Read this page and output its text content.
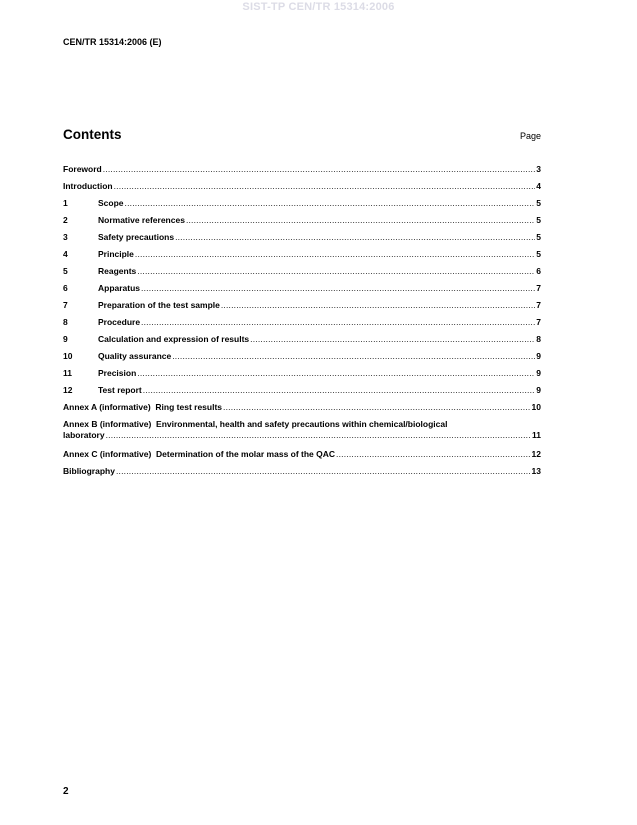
SIST-TP CEN/TR 15314:2006
CEN/TR 15314:2006 (E)
Contents	Page
Foreword .....	3
Introduction .....	4
1	Scope .....	5
2	Normative references .....	5
3	Safety precautions .....	5
4	Principle .....	5
5	Reagents .....	6
6	Apparatus .....	7
7	Preparation of the test sample .....	7
8	Procedure .....	7
9	Calculation and expression of results .....	8
10	Quality assurance .....	9
11	Precision .....	9
12	Test report .....	9
Annex A (informative)  Ring test results .....	10
Annex B (informative)  Environmental, health and safety precautions within chemical/biological
laboratory .....	11
Annex C (informative)  Determination of the molar mass of the QAC .....	12
Bibliography .....	13
2
